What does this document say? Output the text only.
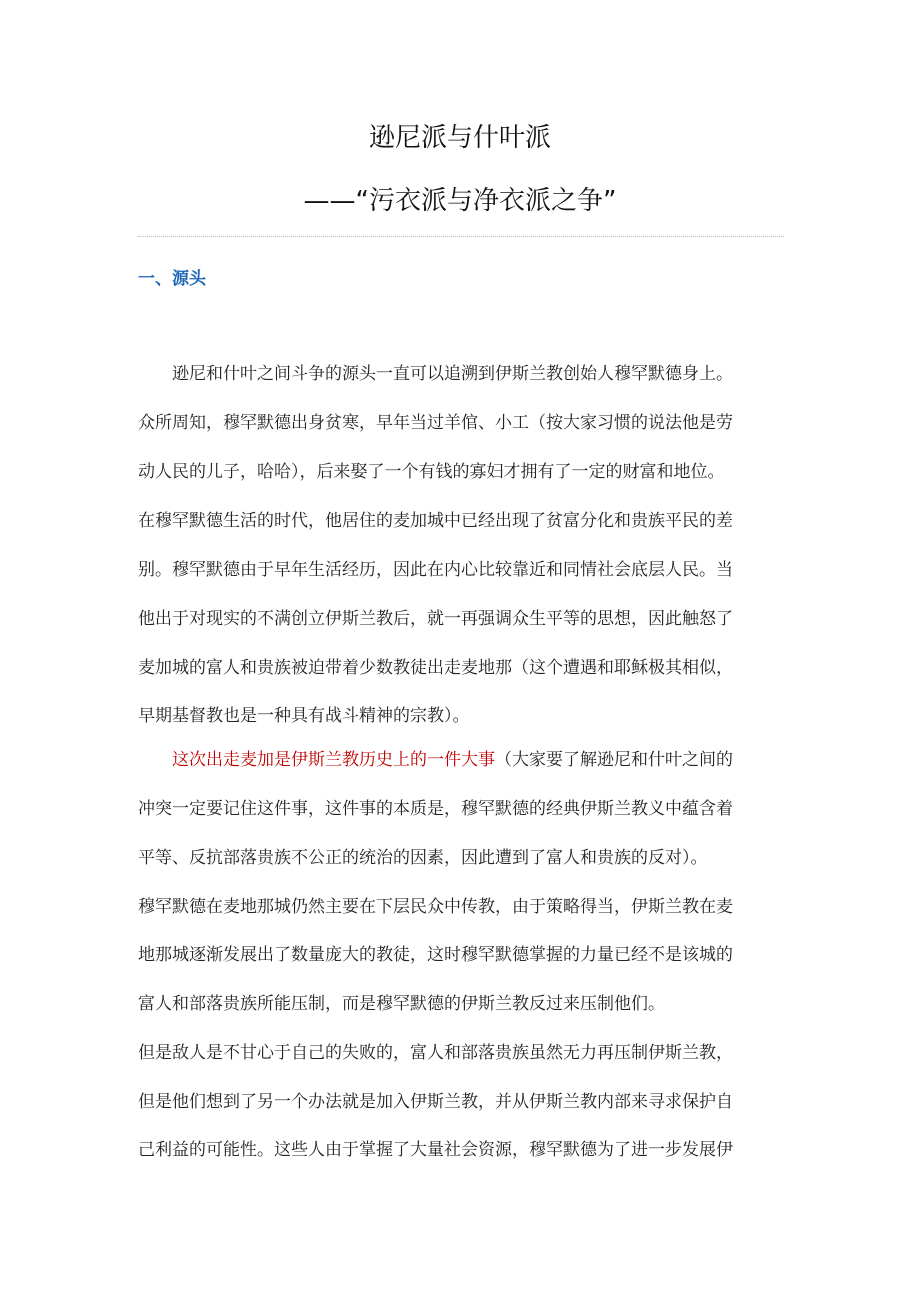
逊尼派与什叶派
——“污衣派与净衣派之争”
一、源头
逊尼和什叶之间斗争的源头一直可以追溯到伊斯兰教创始人穆罕默德身上。
众所周知，穆罕默德出身贫寒，早年当过羊倌、小工（按大家习惯的说法他是劳
动人民的儿子，哈哈），后来娶了一个有钱的寡妇才拥有了一定的财富和地位。
在穆罕默德生活的时代，他居住的麦加城中已经出现了贫富分化和贵族平民的差
别。穆罕默德由于早年生活经历，因此在内心比较靠近和同情社会底层人民。当
他出于对现实的不满创立伊斯兰教后，就一再强调众生平等的思想，因此触怒了
麦加城的富人和贵族被迫带着少数教徒出走麦地那（这个遭遇和耶稣极其相似，
早期基督教也是一种具有战斗精神的宗教）。
这次出走麦加是伊斯兰教历史上的一件大事（大家要了解逊尼和什叶之间的
冲突一定要记住这件事，这件事的本质是，穆罕默德的经典伊斯兰教义中蕴含着
平等、反抗部落贵族不公正的统治的因素，因此遭到了富人和贵族的反对）。
穆罕默德在麦地那城仍然主要在下层民众中传教，由于策略得当，伊斯兰教在麦
地那城逐渐发展出了数量庞大的教徒，这时穆罕默德掌握的力量已经不是该城的
富人和部落贵族所能压制，而是穆罕默德的伊斯兰教反过来压制他们。
但是敌人是不甘心于自己的失败的，富人和部落贵族虽然无力再压制伊斯兰教，
但是他们想到了另一个办法就是加入伊斯兰教，并从伊斯兰教内部来寻求保护自
己利益的可能性。这些人由于掌握了大量社会资源，穆罕默德为了进一步发展伊
